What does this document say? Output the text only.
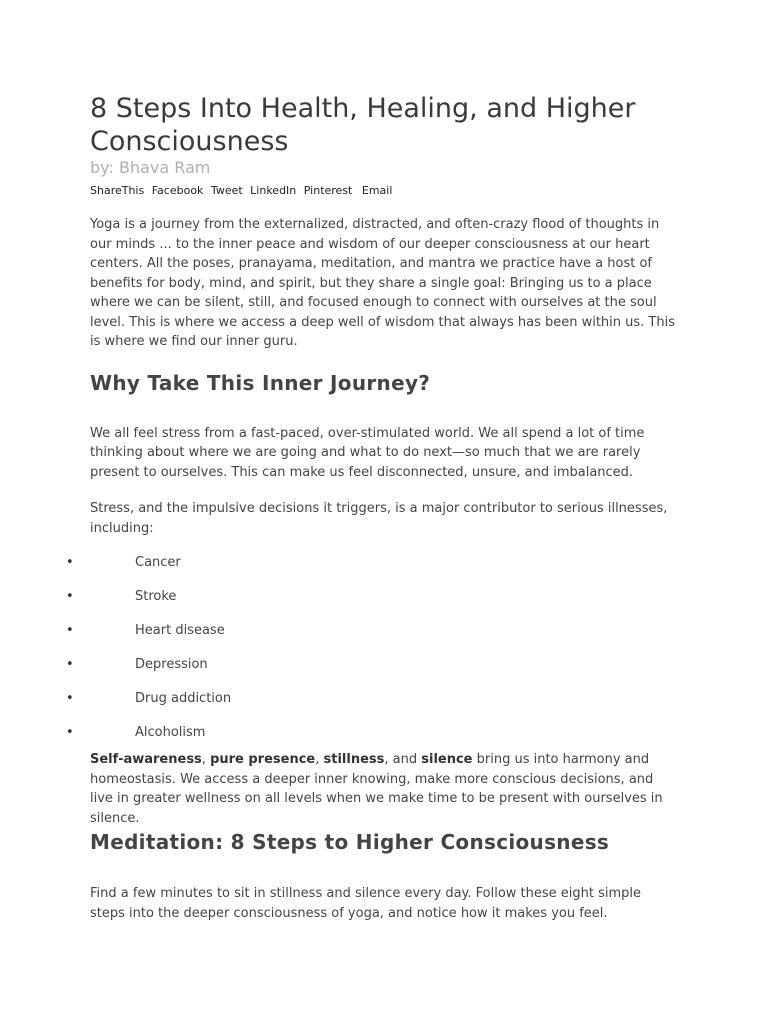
8 Steps Into Health, Healing, and Higher Consciousness
by: Bhava Ram
ShareThis Facebook Tweet LinkedIn Pinterest Email

Yoga is a journey from the externalized, distracted, and often-crazy flood of thoughts in our minds ... to the inner peace and wisdom of our deeper consciousness at our heart centers. All the poses, pranayama, meditation, and mantra we practice have a host of benefits for body, mind, and spirit, but they share a single goal: Bringing us to a place where we can be silent, still, and focused enough to connect with ourselves at the soul level. This is where we access a deep well of wisdom that always has been within us. This is where we find our inner guru.

Why Take This Inner Journey?

We all feel stress from a fast-paced, over-stimulated world. We all spend a lot of time thinking about where we are going and what to do next—so much that we are rarely present to ourselves. This can make us feel disconnected, unsure, and imbalanced.

Stress, and the impulsive decisions it triggers, is a major contributor to serious illnesses, including:

•	Cancer
•	Stroke
•	Heart disease
•	Depression
•	Drug addiction
•	Alcoholism

Self-awareness, pure presence, stillness, and silence bring us into harmony and homeostasis. We access a deeper inner knowing, make more conscious decisions, and live in greater wellness on all levels when we make time to be present with ourselves in silence.

Meditation: 8 Steps to Higher Consciousness

Find a few minutes to sit in stillness and silence every day. Follow these eight simple steps into the deeper consciousness of yoga, and notice how it makes you feel.
